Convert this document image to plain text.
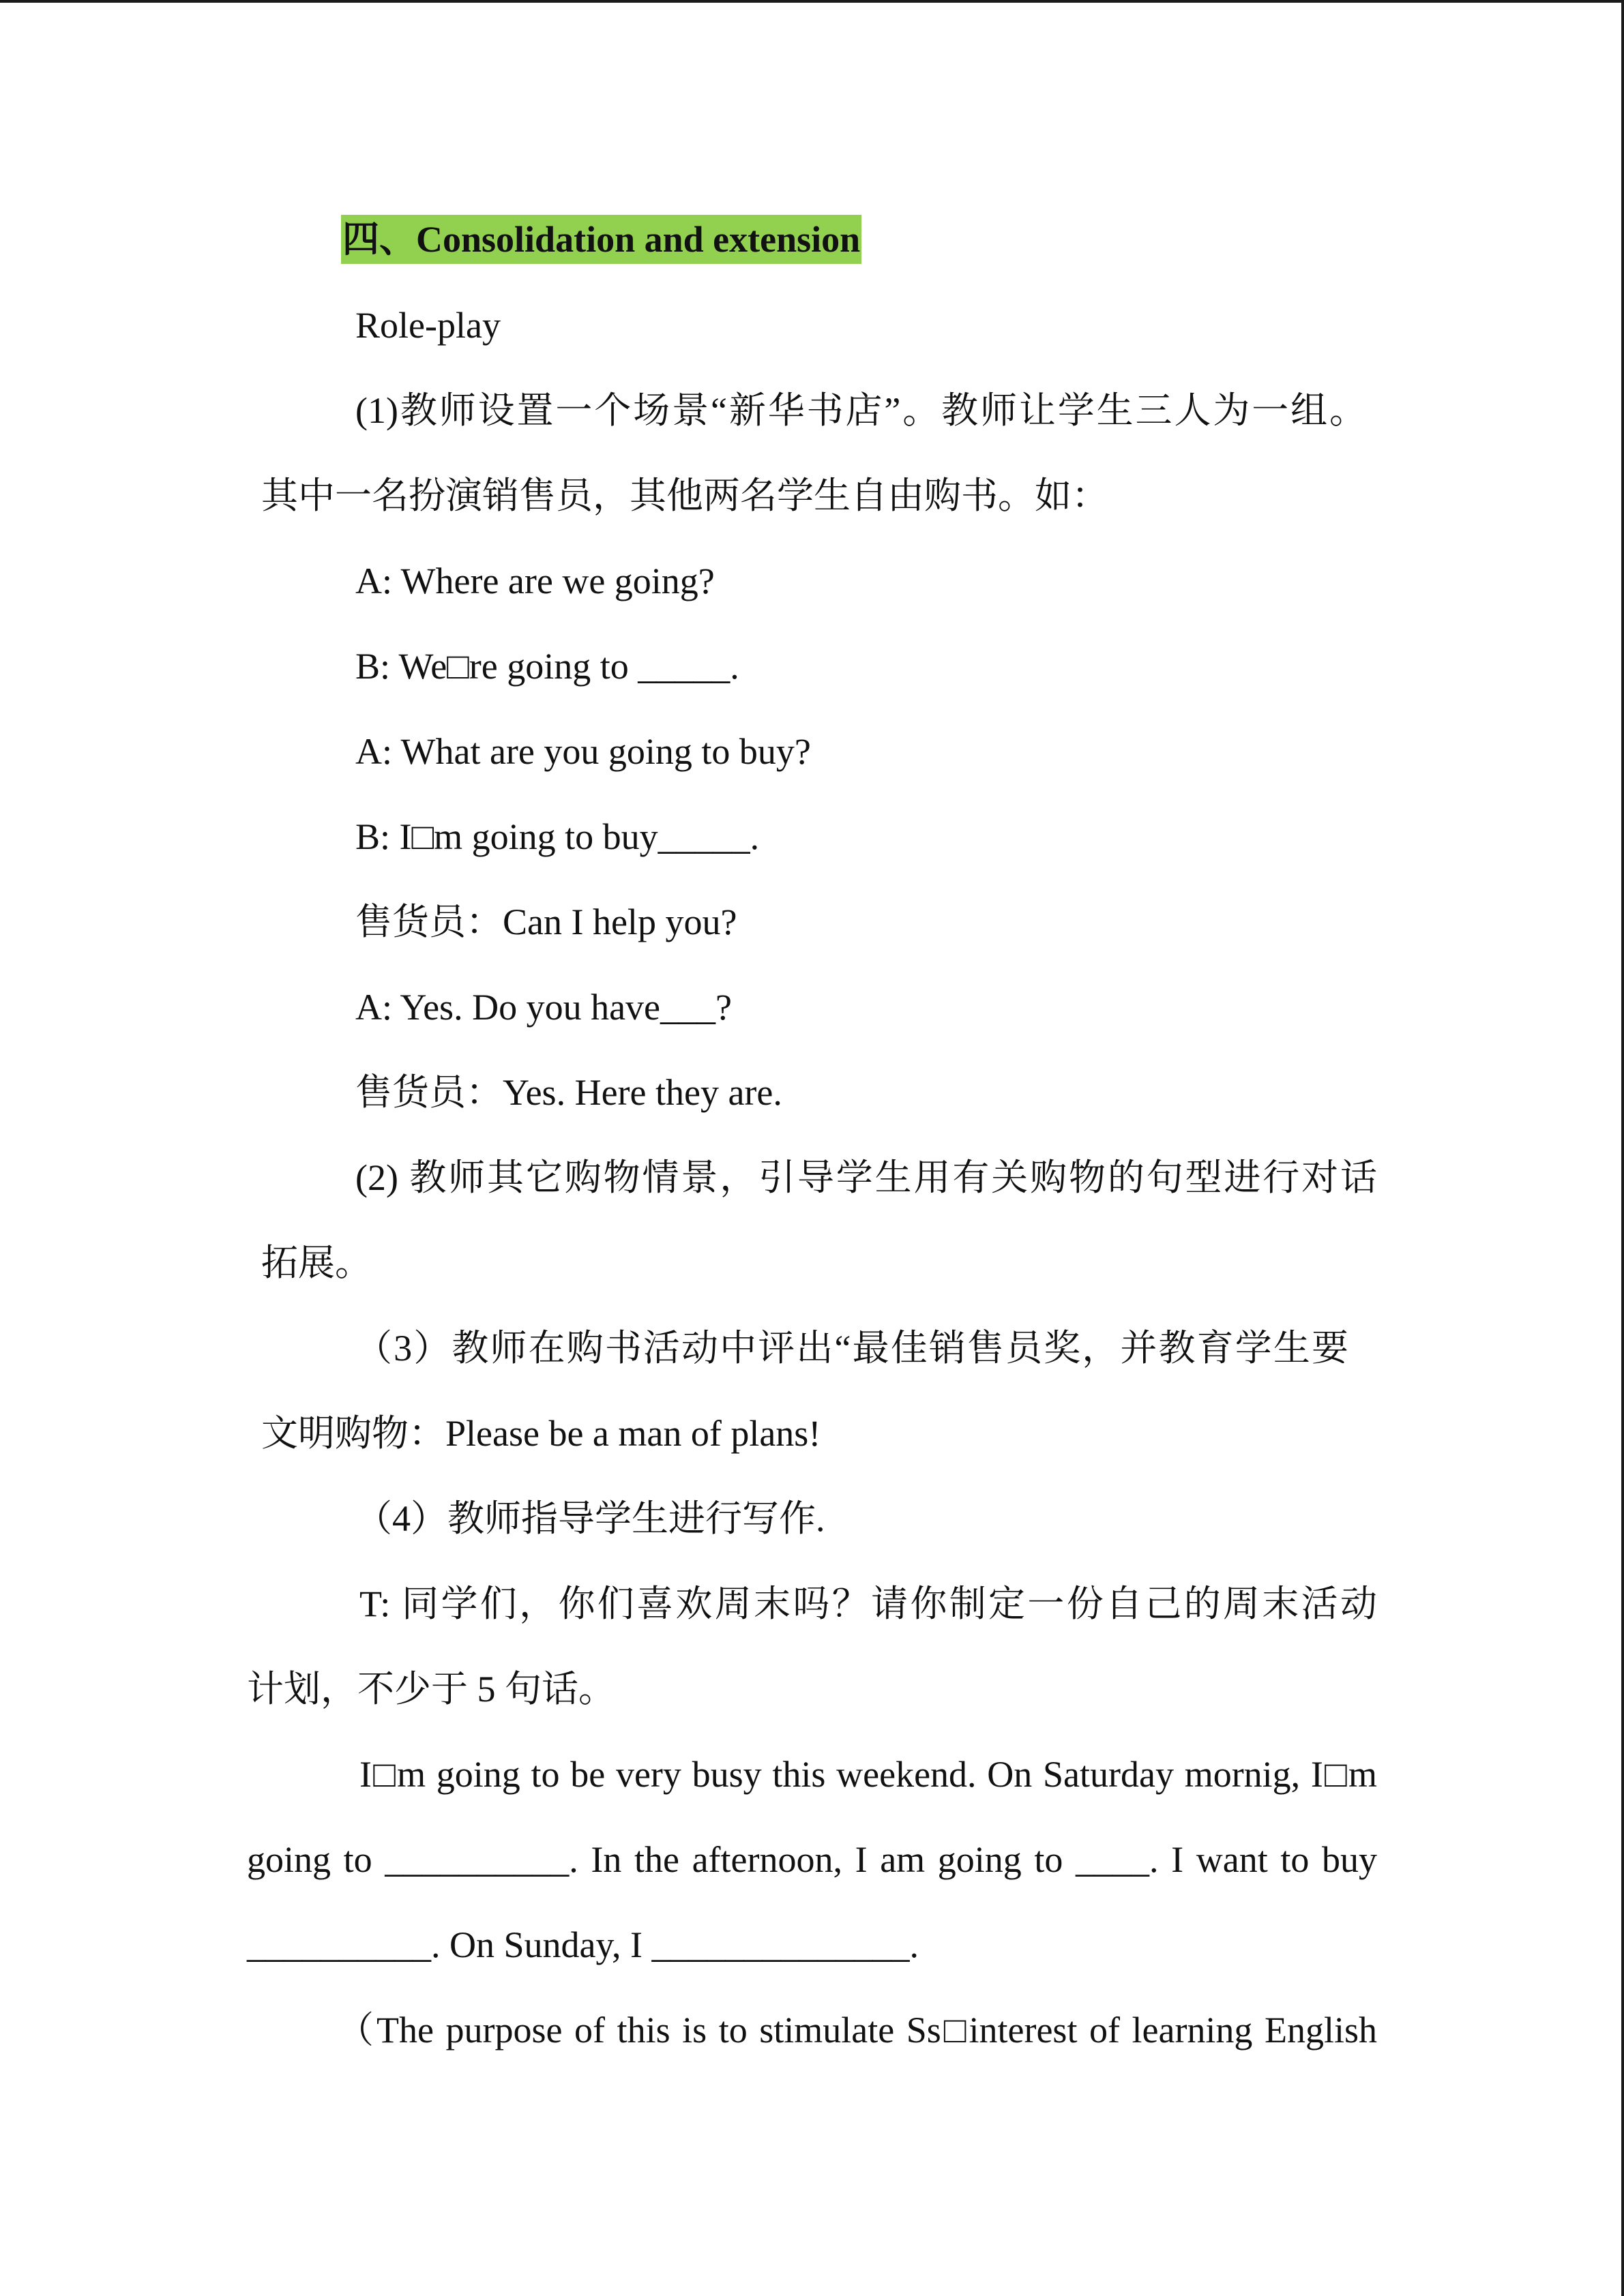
四、Consolidation and extension

Role-play

(1)教师设置一个场景“新华书店”。教师让学生三人为一组。

其中一名扮演销售员，其他两名学生自由购书。如：

A: Where are we going?

B: We□re going to _____.

A: What are you going to buy?

B: I□m going to buy_____.

售货员：Can I help you?

A: Yes. Do you have___?

售货员：Yes. Here they are.

(2) 教师其它购物情景，引导学生用有关购物的句型进行对话

拓展。

（3）教师在购书活动中评出“最佳销售员奖，并教育学生要

文明购物：Please be a man of plans!

（4）教师指导学生进行写作.

T: 同学们，你们喜欢周末吗？请你制定一份自己的周末活动

计划，不少于 5 句话。

I□m going to be very busy this weekend. On Saturday mornig, I□m

going to __________. In the afternoon, I am going to ____. I want to buy

__________. On Sunday, I ______________.

（The purpose of this is to stimulate Ss□interest of learning English
